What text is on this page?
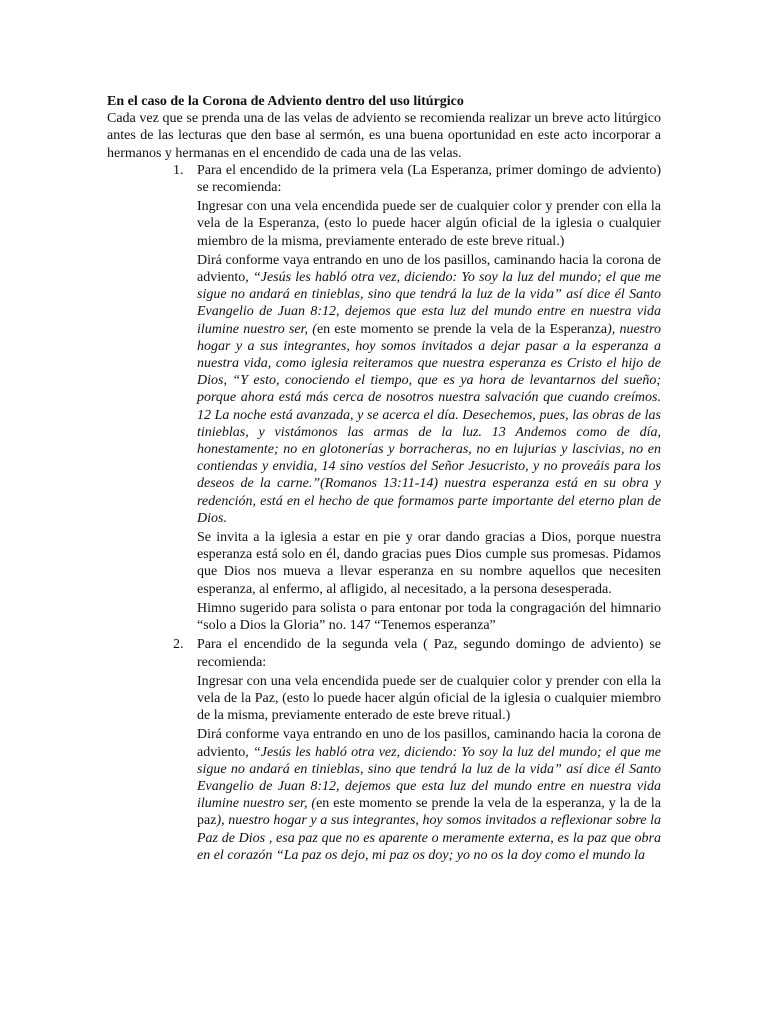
En el caso de la Corona de Adviento dentro del uso litúrgico

Cada vez que se prenda una de las velas de adviento se recomienda realizar un breve acto litúrgico antes de las lecturas que den base al sermón, es una buena oportunidad en este acto incorporar a hermanos y hermanas en el encendido de cada una de las velas.

1. Para el encendido de la primera vela (La Esperanza, primer domingo de adviento) se recomienda:

Ingresar con una vela encendida puede ser de cualquier color y prender con ella la vela de la Esperanza, (esto lo puede hacer algún oficial de la iglesia o cualquier miembro de la misma, previamente enterado de este breve ritual.)

Dirá conforme vaya entrando en uno de los pasillos, caminando hacia la corona de adviento, “Jesús les habló otra vez, diciendo: Yo soy la luz del mundo; el que me sigue no andará en tinieblas, sino que tendrá la luz de la vida” así dice él Santo Evangelio de Juan 8:12, dejemos que esta luz del mundo entre en nuestra vida ilumine nuestro ser, (en este momento se prende la vela de la Esperanza), nuestro hogar y a sus integrantes, hoy somos invitados a dejar pasar a la esperanza a nuestra vida, como iglesia reiteramos que nuestra esperanza es Cristo el hijo de Dios, “Y esto, conociendo el tiempo, que es ya hora de levantarnos del sueño; porque ahora está más cerca de nosotros nuestra salvación que cuando creímos. 12 La noche está avanzada, y se acerca el día. Desechemos, pues, las obras de las tinieblas, y vistámonos las armas de la luz. 13 Andemos como de día, honestamente; no en glotonerías y borracheras, no en lujurias y lascivias, no en contiendas y envidia, 14 sino vestíos del Señor Jesucristo, y no proveáis para los deseos de la carne.”(Romanos 13:11-14) nuestra esperanza está en su obra y redención, está en el hecho de que formamos parte importante del eterno plan de Dios.

Se invita a la iglesia a estar en pie y orar dando gracias a Dios, porque nuestra esperanza está solo en él, dando gracias pues Dios cumple sus promesas. Pidamos que Dios nos mueva a llevar esperanza en su nombre aquellos que necesiten esperanza, al enfermo, al afligido, al necesitado, a la persona desesperada.

Himno sugerido para solista o para entonar por toda la congragación del himnario “solo a Dios la Gloria” no. 147 “Tenemos esperanza”

2. Para el encendido de la segunda vela ( Paz, segundo domingo de adviento) se recomienda:

Ingresar con una vela encendida puede ser de cualquier color y prender con ella la vela de la Paz, (esto lo puede hacer algún oficial de la iglesia o cualquier miembro de la misma, previamente enterado de este breve ritual.)

Dirá conforme vaya entrando en uno de los pasillos, caminando hacia la corona de adviento, “Jesús les habló otra vez, diciendo: Yo soy la luz del mundo; el que me sigue no andará en tinieblas, sino que tendrá la luz de la vida” así dice él Santo Evangelio de Juan 8:12, dejemos que esta luz del mundo entre en nuestra vida ilumine nuestro ser, (en este momento se prende la vela de la esperanza, y la de la paz), nuestro hogar y a sus integrantes, hoy somos invitados a reflexionar sobre la Paz de Dios , esa paz que no es aparente o meramente externa, es la paz que obra en el corazón “La paz os dejo, mi paz os doy; yo no os la doy como el mundo la
